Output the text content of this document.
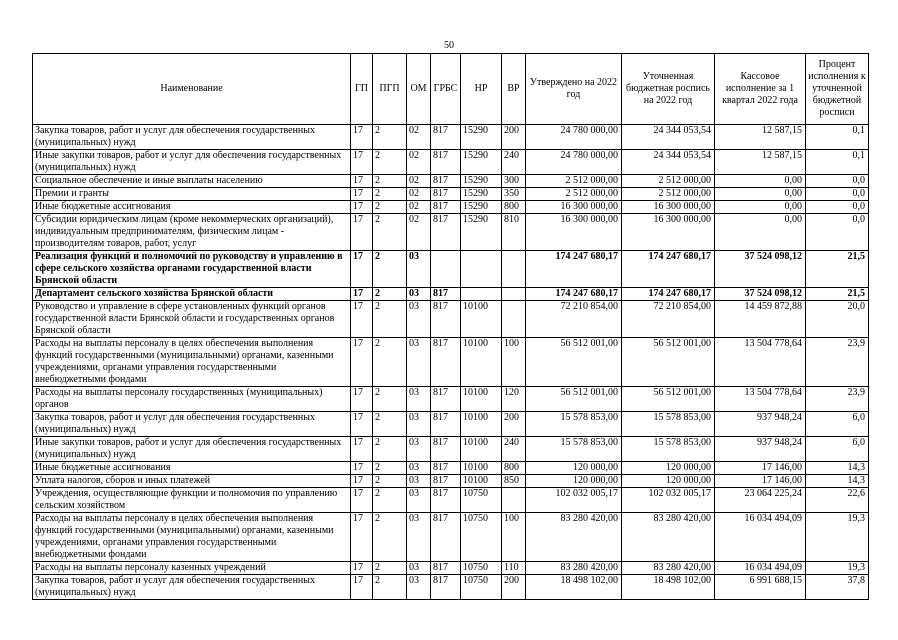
50
Наименование	ГП	ПГП	ОМ	ГРБС	НР	ВР	Утверждено на 2022 год	Уточненная бюджетная роспись на 2022 год	Кассовое исполнение за 1 квартал 2022 года	Процент исполнения к уточненной бюджетной росписи
Закупка товаров, работ и услуг для обеспечения государственных (муниципальных) нужд	17	2	02	817	15290	200	24 780 000,00	24 344 053,54	12 587,15	0,1
Иные закупки товаров, работ и услуг для обеспечения государственных (муниципальных) нужд	17	2	02	817	15290	240	24 780 000,00	24 344 053,54	12 587,15	0,1
Социальное обеспечение и иные выплаты населению	17	2	02	817	15290	300	2 512 000,00	2 512 000,00	0,00	0,0
Премии и гранты	17	2	02	817	15290	350	2 512 000,00	2 512 000,00	0,00	0,0
Иные бюджетные ассигнования	17	2	02	817	15290	800	16 300 000,00	16 300 000,00	0,00	0,0
Субсидии юридическим лицам (кроме некоммерческих организаций), индивидуальным предпринимателям, физическим лицам - производителям товаров, работ, услуг	17	2	02	817	15290	810	16 300 000,00	16 300 000,00	0,00	0,0
Реализация функций и полномочий по руководству и управлению в сфере сельского хозяйства органами государственной власти Брянской области	17	2	03				174 247 680,17	174 247 680,17	37 524 098,12	21,5
Департамент сельского хозяйства Брянской области	17	2	03	817			174 247 680,17	174 247 680,17	37 524 098,12	21,5
Руководство и управление в сфере установленных функций органов государственной власти Брянской области и государственных органов Брянской области	17	2	03	817	10100		72 210 854,00	72 210 854,00	14 459 872,88	20,0
Расходы на выплаты персоналу в целях обеспечения выполнения функций государственными (муниципальными) органами, казенными учреждениями, органами управления государственными внебюджетными фондами	17	2	03	817	10100	100	56 512 001,00	56 512 001,00	13 504 778,64	23,9
Расходы на выплаты персоналу государственных (муниципальных) органов	17	2	03	817	10100	120	56 512 001,00	56 512 001,00	13 504 778,64	23,9
Закупка товаров, работ и услуг для обеспечения государственных (муниципальных) нужд	17	2	03	817	10100	200	15 578 853,00	15 578 853,00	937 948,24	6,0
Иные закупки товаров, работ и услуг для обеспечения государственных (муниципальных) нужд	17	2	03	817	10100	240	15 578 853,00	15 578 853,00	937 948,24	6,0
Иные бюджетные ассигнования	17	2	03	817	10100	800	120 000,00	120 000,00	17 146,00	14,3
Уплата налогов, сборов и иных платежей	17	2	03	817	10100	850	120 000,00	120 000,00	17 146,00	14,3
Учреждения, осуществляющие функции и полномочия по управлению сельским хозяйством	17	2	03	817	10750		102 032 005,17	102 032 005,17	23 064 225,24	22,6
Расходы на выплаты персоналу в целях обеспечения выполнения функций государственными (муниципальными) органами, казенными учреждениями, органами управления государственными внебюджетными фондами	17	2	03	817	10750	100	83 280 420,00	83 280 420,00	16 034 494,09	19,3
Расходы на выплаты персоналу казенных учреждений	17	2	03	817	10750	110	83 280 420,00	83 280 420,00	16 034 494,09	19,3
Закупка товаров, работ и услуг для обеспечения государственных (муниципальных) нужд	17	2	03	817	10750	200	18 498 102,00	18 498 102,00	6 991 688,15	37,8
